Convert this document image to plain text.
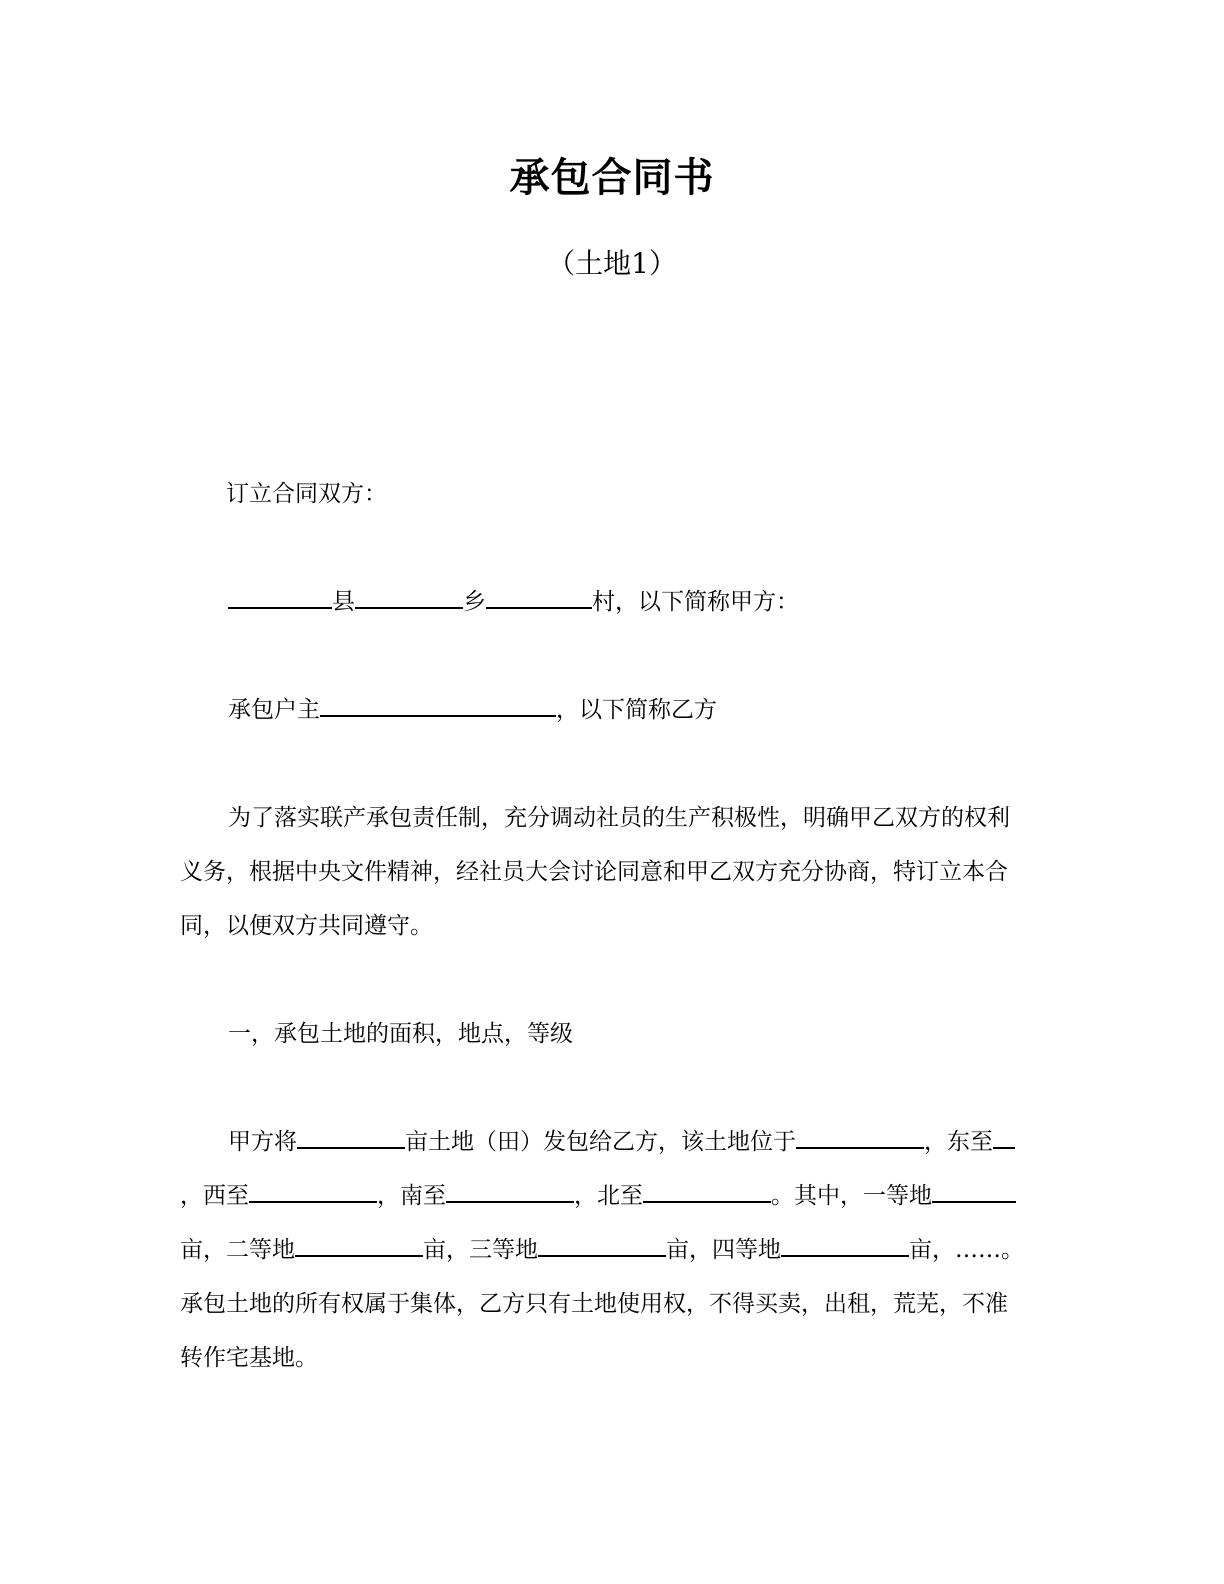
承包合同书
（土地1）
订立合同双方：
县	乡	村，以下简称甲方：
承包户主	，以下简称乙方
为了落实联产承包责任制，充分调动社员的生产积极性，明确甲乙双方的权利
义务，根据中央文件精神，经社员大会讨论同意和甲乙双方充分协商，特订立本合
同，以便双方共同遵守。
一，承包土地的面积，地点，等级
甲方将	亩土地（田）发包给乙方，该土地位于	，东至
，西至	，南至	，北至	。其中，一等地
亩，二等地	亩，三等地	亩，四等地	亩，……。
承包土地的所有权属于集体，乙方只有土地使用权，不得买卖，出租，荒芜，不准
转作宅基地。
